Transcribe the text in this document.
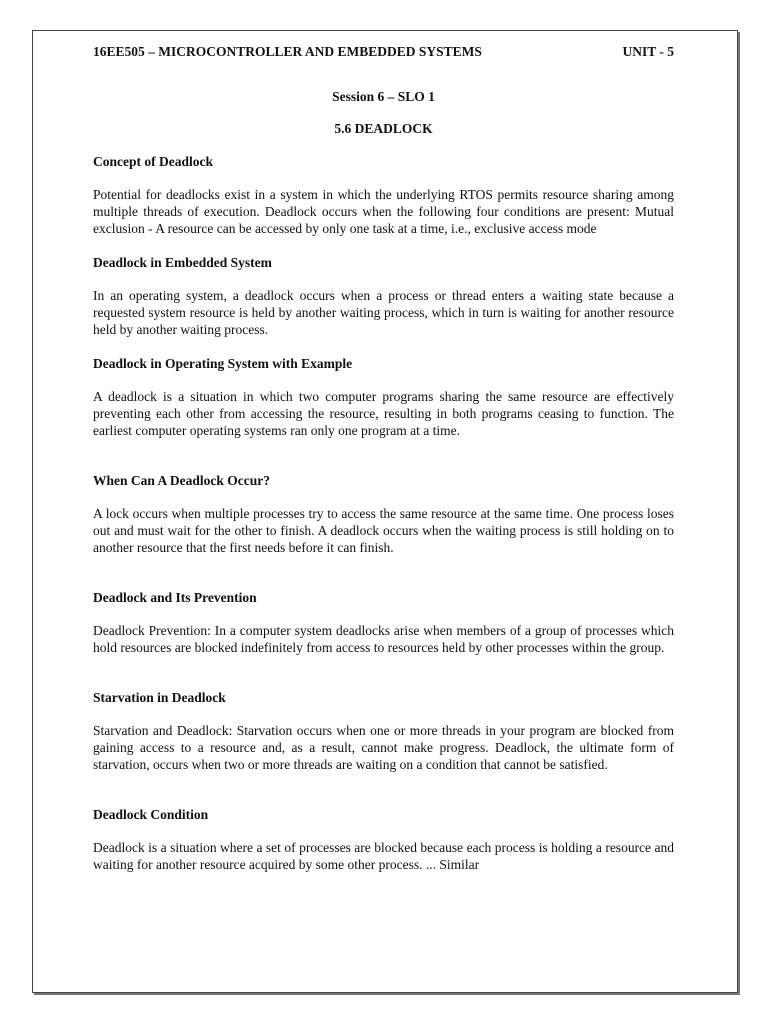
16EE505 – MICROCONTROLLER AND EMBEDDED SYSTEMS	UNIT - 5
Session 6 – SLO 1
5.6 DEADLOCK
Concept of Deadlock

Potential for deadlocks exist in a system in which the underlying RTOS permits resource sharing among multiple threads of execution. Deadlock occurs when the following four conditions are present: Mutual exclusion - A resource can be accessed by only one task at a time, i.e., exclusive access mode

Deadlock in Embedded System

In an operating system, a deadlock occurs when a process or thread enters a waiting state because a requested system resource is held by another waiting process, which in turn is waiting for another resource held by another waiting process.

Deadlock in Operating System with Example

A deadlock is a situation in which two computer programs sharing the same resource are effectively preventing each other from accessing the resource, resulting in both programs ceasing to function. The earliest computer operating systems ran only one program at a time.

When Can A Deadlock Occur?

A lock occurs when multiple processes try to access the same resource at the same time. One process loses out and must wait for the other to finish. A deadlock occurs when the waiting process is still holding on to another resource that the first needs before it can finish.

Deadlock and Its Prevention

Deadlock Prevention: In a computer system deadlocks arise when members of a group of processes which hold resources are blocked indefinitely from access to resources held by other processes within the group.

Starvation in Deadlock

Starvation and Deadlock: Starvation occurs when one or more threads in your program are blocked from gaining access to a resource and, as a result, cannot make progress. Deadlock, the ultimate form of starvation, occurs when two or more threads are waiting on a condition that cannot be satisfied.

Deadlock Condition

Deadlock is a situation where a set of processes are blocked because each process is holding a resource and waiting for another resource acquired by some other process. ... Similar
